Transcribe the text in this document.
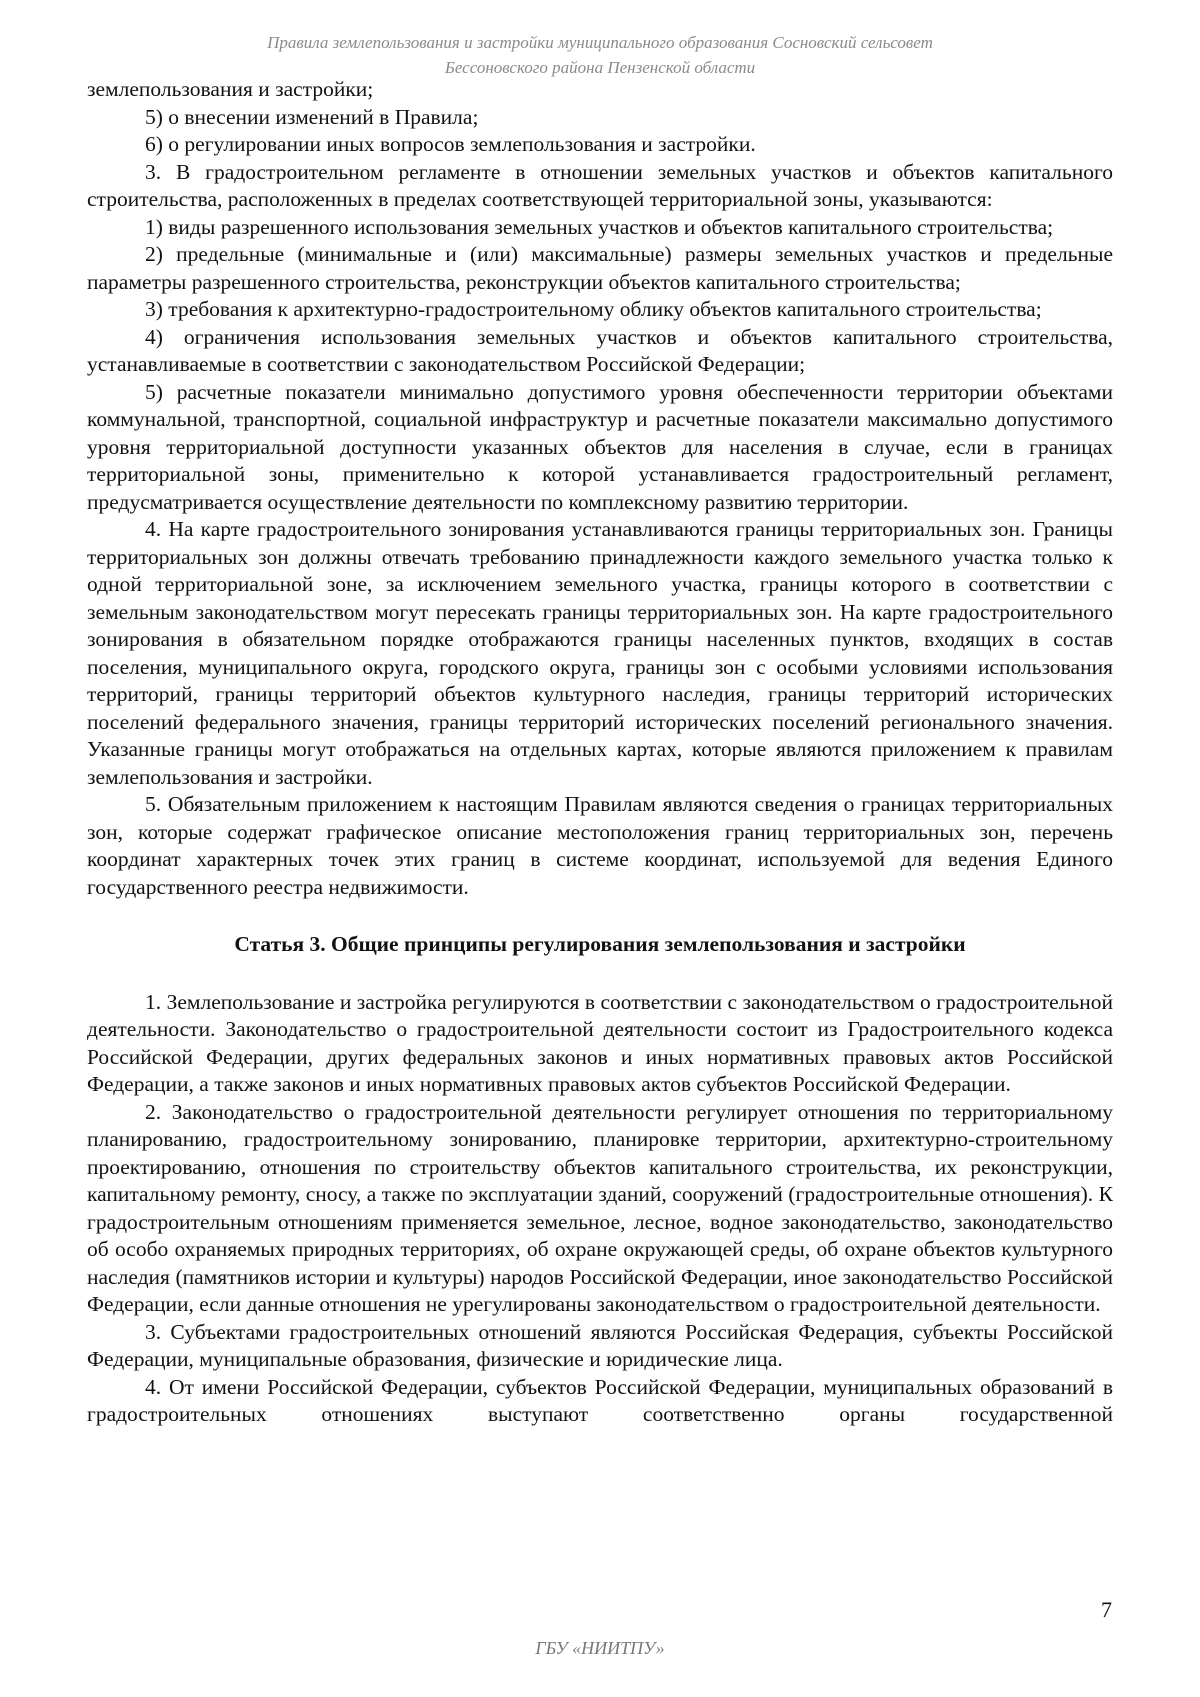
Правила землепользования и застройки муниципального образования Сосновский сельсовет
Бессоновского района Пензенской области

землепользования и застройки;

5) о внесении изменений в Правила;

6) о регулировании иных вопросов землепользования и застройки.

3. В градостроительном регламенте в отношении земельных участков и объектов капитального строительства, расположенных в пределах соответствующей территориальной зоны, указываются:

1) виды разрешенного использования земельных участков и объектов капитального строительства;

2) предельные (минимальные и (или) максимальные) размеры земельных участков и предельные параметры разрешенного строительства, реконструкции объектов капитального строительства;

3) требования к архитектурно-градостроительному облику объектов капитального строительства;

4) ограничения использования земельных участков и объектов капитального строительства, устанавливаемые в соответствии с законодательством Российской Федерации;

5) расчетные показатели минимально допустимого уровня обеспеченности территории объектами коммунальной, транспортной, социальной инфраструктур и расчетные показатели максимально допустимого уровня территориальной доступности указанных объектов для населения в случае, если в границах территориальной зоны, применительно к которой устанавливается градостроительный регламент, предусматривается осуществление деятельности по комплексному развитию территории.

4. На карте градостроительного зонирования устанавливаются границы территориальных зон. Границы территориальных зон должны отвечать требованию принадлежности каждого земельного участка только к одной территориальной зоне, за исключением земельного участка, границы которого в соответствии с земельным законодательством могут пересекать границы территориальных зон. На карте градостроительного зонирования в обязательном порядке отображаются границы населенных пунктов, входящих в состав поселения, муниципального округа, городского округа, границы зон с особыми условиями использования территорий, границы территорий объектов культурного наследия, границы территорий исторических поселений федерального значения, границы территорий исторических поселений регионального значения. Указанные границы могут отображаться на отдельных картах, которые являются приложением к правилам землепользования и застройки.

5. Обязательным приложением к настоящим Правилам являются сведения о границах территориальных зон, которые содержат графическое описание местоположения границ территориальных зон, перечень координат характерных точек этих границ в системе координат, используемой для ведения Единого государственного реестра недвижимости.

Статья 3. Общие принципы регулирования землепользования и застройки

1. Землепользование и застройка регулируются в соответствии с законодательством о градостроительной деятельности. Законодательство о градостроительной деятельности состоит из Градостроительного кодекса Российской Федерации, других федеральных законов и иных нормативных правовых актов Российской Федерации, а также законов и иных нормативных правовых актов субъектов Российской Федерации.

2. Законодательство о градостроительной деятельности регулирует отношения по территориальному планированию, градостроительному зонированию, планировке территории, архитектурно-строительному проектированию, отношения по строительству объектов капитального строительства, их реконструкции, капитальному ремонту, сносу, а также по эксплуатации зданий, сооружений (градостроительные отношения). К градостроительным отношениям применяется земельное, лесное, водное законодательство, законодательство об особо охраняемых природных территориях, об охране окружающей среды, об охране объектов культурного наследия (памятников истории и культуры) народов Российской Федерации, иное законодательство Российской Федерации, если данные отношения не урегулированы законодательством о градостроительной деятельности.

3. Субъектами градостроительных отношений являются Российская Федерация, субъекты Российской Федерации, муниципальные образования, физические и юридические лица.

4. От имени Российской Федерации, субъектов Российской Федерации, муниципальных образований в градостроительных отношениях выступают соответственно органы государственной

7
ГБУ «НИИТПУ»
